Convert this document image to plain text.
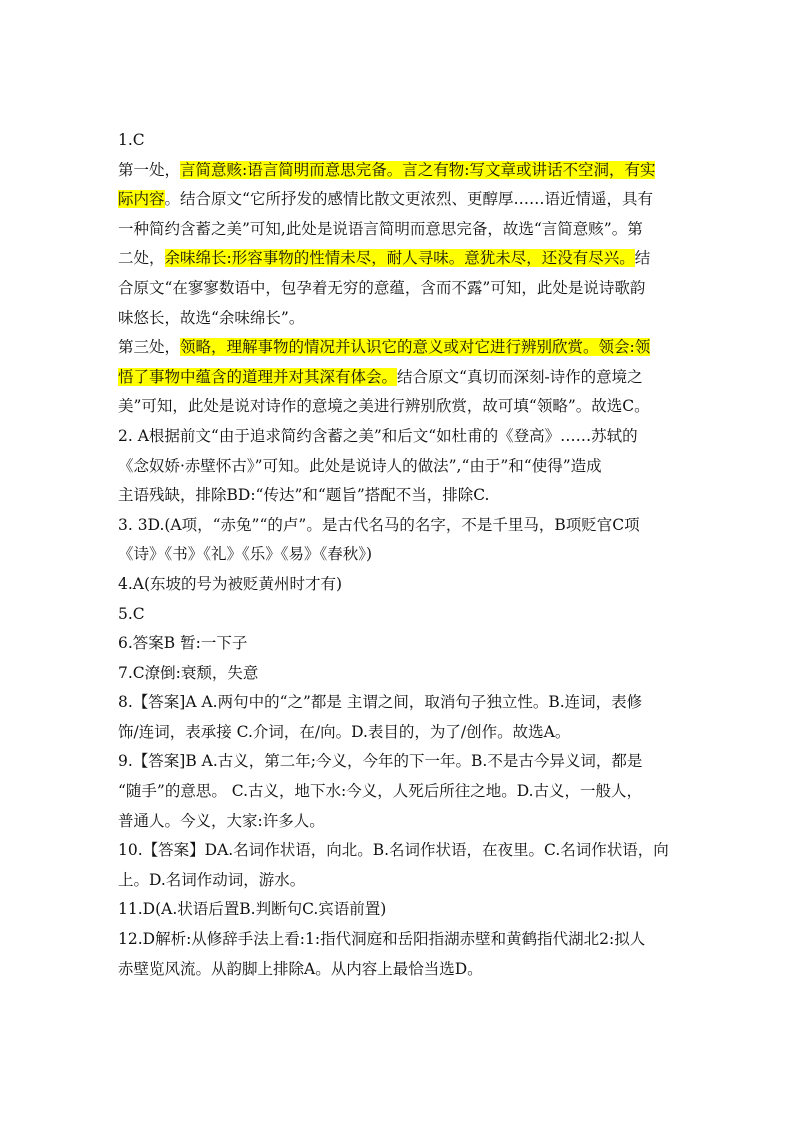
1.C
第一处，言简意赅:语言简明而意思完备。言之有物:写文章或讲话不空洞，有实
际内容。结合原文“它所抒发的感情比散文更浓烈、更醇厚……语近情遥，具有
一种简约含蓄之美”可知,此处是说语言简明而意思完备，故选“言简意赅”。第
二处，余味绵长:形容事物的性情未尽，耐人寻味。意犹未尽，还没有尽兴。结
合原文“在寥寥数语中，包孕着无穷的意蕴，含而不露”可知，此处是说诗歌韵
味悠长，故选“余味绵长”。
第三处，领略，理解事物的情况并认识它的意义或对它进行辨别欣赏。领会:领
悟了事物中蕴含的道理并对其深有体会。结合原文“真切而深刻-诗作的意境之
美”可知，此处是说对诗作的意境之美进行辨别欣赏，故可填“领略”。故选C。
2. A根据前文“由于追求简约含蓄之美”和后文“如杜甫的《登高》……苏轼的
《念奴娇·赤壁怀古》”可知。此处是说诗人的做法”,“由于”和“使得”造成
主语残缺，排除BD:“传达”和“题旨”搭配不当，排除C.
3. 3D.(A项，“赤兔”“的卢”。是古代名马的名字，不是千里马，B项贬官C项
《诗》《书》《礼》《乐》《易》《春秋》)
4.A(东坡的号为被贬黄州时才有)
5.C
6.答案B 暂:一下子
7.C潦倒:衰颓，失意
8.【答案]A A.两句中的“之”都是 主谓之间，取消句子独立性。B.连词，表修
饰/连词，表承接 C.介词，在/向。D.表目的，为了/创作。故选A。
9.【答案]B A.古义，第二年;今义，今年的下一年。B.不是古今异义词，都是
“随手”的意思。 C.古义，地下水:今义，人死后所往之地。D.古义，一般人，
普通人。今义，大家:许多人。
10.【答案】DA.名词作状语，向北。B.名词作状语，在夜里。C.名词作状语，向
上。D.名词作动词，游水。
11.D(A.状语后置B.判断句C.宾语前置)
12.D解析:从修辞手法上看:1:指代洞庭和岳阳指湖赤壁和黄鹤指代湖北2:拟人
赤壁览风流。从韵脚上排除A。从内容上最恰当选D。
